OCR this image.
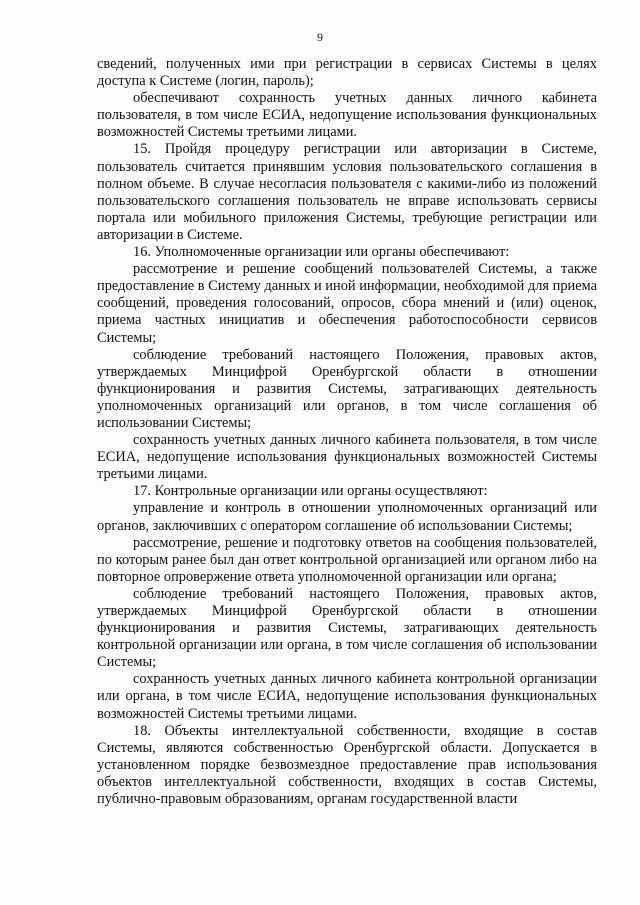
9

сведений, полученных ими при регистрации в сервисах Системы в целях доступа к Системе (логин, пароль);

обеспечивают сохранность учетных данных личного кабинета пользователя, в том числе ЕСИА, недопущение использования функциональных возможностей Системы третьими лицами.

15. Пройдя процедуру регистрации или авторизации в Системе, пользователь считается принявшим условия пользовательского соглашения в полном объеме. В случае несогласия пользователя с какими-либо из положений пользовательского соглашения пользователь не вправе использовать сервисы портала или мобильного приложения Системы, требующие регистрации или авторизации в Системе.

16. Уполномоченные организации или органы обеспечивают:

рассмотрение и решение сообщений пользователей Системы, а также предоставление в Систему данных и иной информации, необходимой для приема сообщений, проведения голосований, опросов, сбора мнений и (или) оценок, приема частных инициатив и обеспечения работоспособности сервисов Системы;

соблюдение требований настоящего Положения, правовых актов, утверждаемых Минцифрой Оренбургской области в отношении функционирования и развития Системы, затрагивающих деятельность уполномоченных организаций или органов, в том числе соглашения об использовании Системы;

сохранность учетных данных личного кабинета пользователя, в том числе ЕСИА, недопущение использования функциональных возможностей Системы третьими лицами.

17. Контрольные организации или органы осуществляют:

управление и контроль в отношении уполномоченных организаций или органов, заключивших с оператором соглашение об использовании Системы;

рассмотрение, решение и подготовку ответов на сообщения пользователей, по которым ранее был дан ответ контрольной организацией или органом либо на повторное опровержение ответа уполномоченной организации или органа;

соблюдение требований настоящего Положения, правовых актов, утверждаемых Минцифрой Оренбургской области в отношении функционирования и развития Системы, затрагивающих деятельность контрольной организации или органа, в том числе соглашения об использовании Системы;

сохранность учетных данных личного кабинета контрольной организации или органа, в том числе ЕСИА, недопущение использования функциональных возможностей Системы третьими лицами.

18. Объекты интеллектуальной собственности, входящие в состав Системы, являются собственностью Оренбургской области. Допускается в установленном порядке безвозмездное предоставление прав использования объектов интеллектуальной собственности, входящих в состав Системы, публично-правовым образованиям, органам государственной власти
